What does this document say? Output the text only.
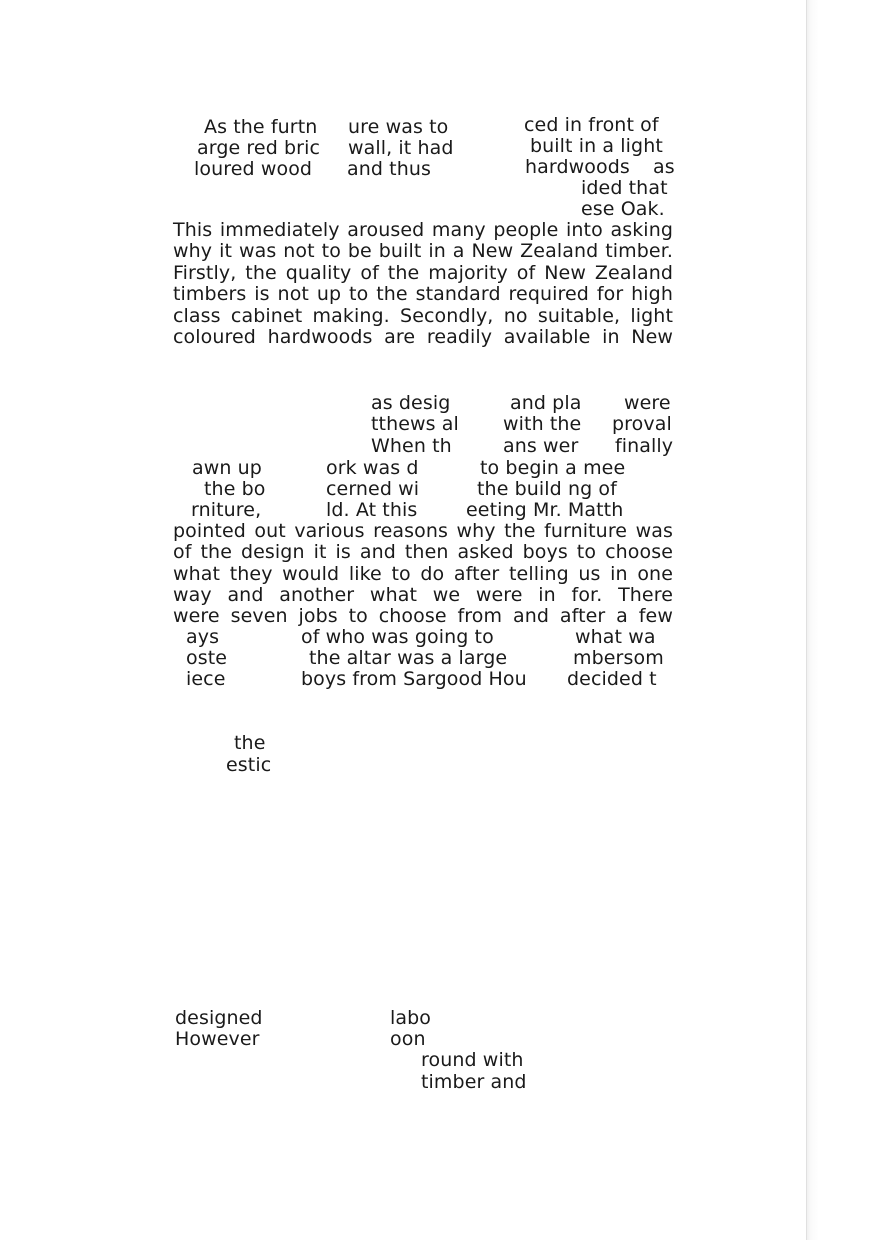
As the furtn ure was to	ced in front of
arge red bric wall, it had	built in a light
loured wood and thus	hardwoods as
ided that
ese Oak.
This immediately aroused many people into asking
why it was not to be built in a New Zealand timber.
Firstly, the quality of the majority of New Zealand
timbers is not up to the standard required for high
class cabinet making. Secondly, no suitable, light
coloured hardwoods are readily available in New
as desig	and pla were
tthews al with the proval
When th	ans wer finally
awn up	ork was d	to begin a mee
the bo	cerned wi	the build ng of
rniture,	ld. At this	eeting Mr. Matth
pointed out various reasons why the furniture was
of the design it is and then asked boys to choose
what they would like to do after telling us in one
way and another what we were in for. There
were seven jobs to choose from and after a few
ays	of who was going to	what wa
oste	the altar was a large	mbersom
iece	boys from Sargood Hou decided t
the
estic
designed	labo
However	oon
round with
timber and
